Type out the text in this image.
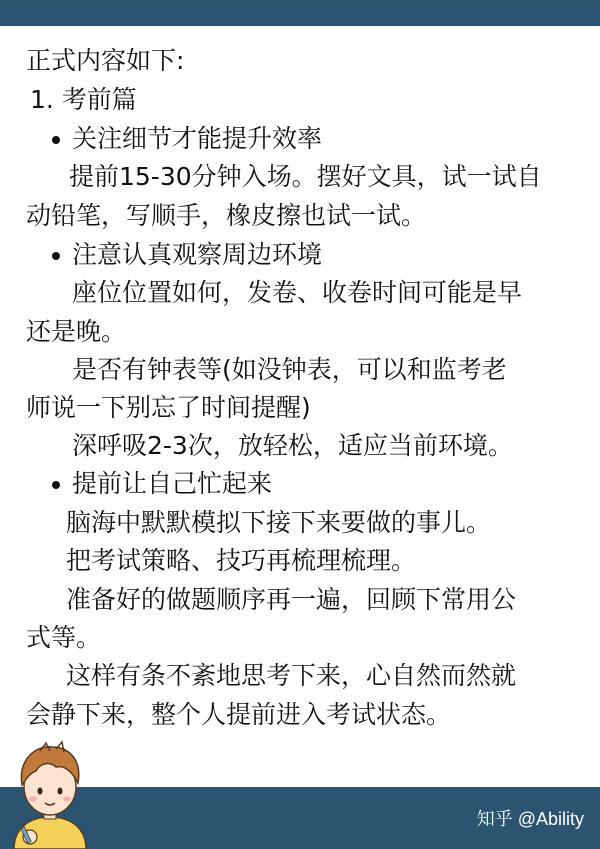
正式内容如下:
1. 考前篇
关注细节才能提升效率
提前15-30分钟入场。摆好文具，试一试自
动铅笔，写顺手，橡皮擦也试一试。
注意认真观察周边环境
座位位置如何，发卷、收卷时间可能是早
还是晚。
是否有钟表等(如没钟表，可以和监考老
师说一下别忘了时间提醒)
深呼吸2-3次，放轻松，适应当前环境。
提前让自己忙起来
脑海中默默模拟下接下来要做的事儿。
把考试策略、技巧再梳理梳理。
准备好的做题顺序再一遍，回顾下常用公
式等。
这样有条不紊地思考下来，心自然而然就
会静下来，整个人提前进入考试状态。
知乎 @Ability
